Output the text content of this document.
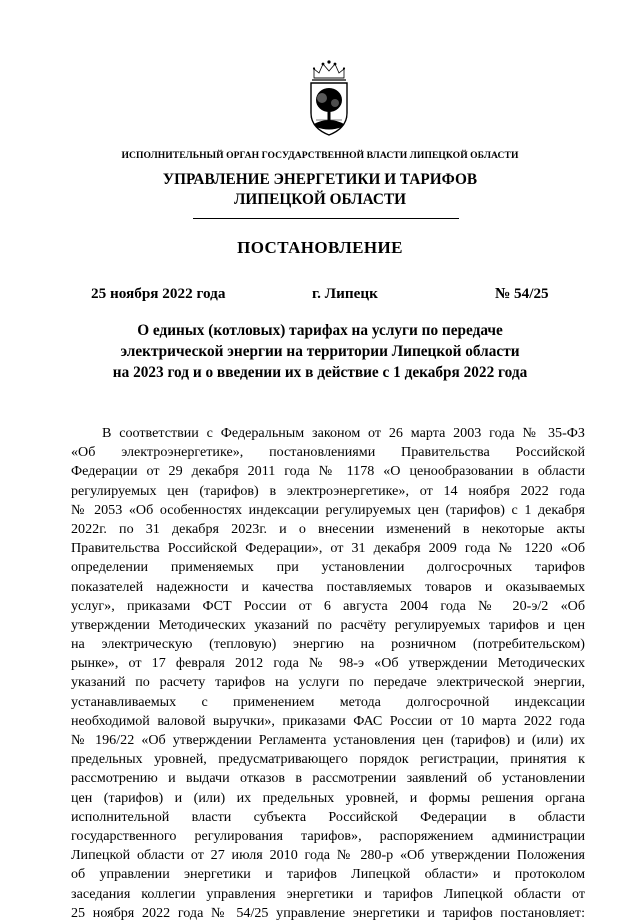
ИСПОЛНИТЕЛЬНЫЙ ОРГАН ГОСУДАРСТВЕННОЙ ВЛАСТИ ЛИПЕЦКОЙ ОБЛАСТИ
УПРАВЛЕНИЕ ЭНЕРГЕТИКИ И ТАРИФОВ
ЛИПЕЦКОЙ ОБЛАСТИ
ПОСТАНОВЛЕНИЕ
25 ноября 2022 года	г. Липецк	№ 54/25
О единых (котловых) тарифах на услуги по передаче
электрической энергии на территории Липецкой области
на 2023 год и о введении их в действие с 1 декабря 2022 года
В соответствии с Федеральным законом от 26 марта 2003 года № 35-ФЗ
«Об электроэнергетике», постановлениями Правительства Российской
Федерации от 29 декабря 2011 года № 1178 «О ценообразовании в области
регулируемых цен (тарифов) в электроэнергетике», от 14 ноября 2022 года
№ 2053 «Об особенностях индексации регулируемых цен (тарифов) с 1 декабря
2022г. по 31 декабря 2023г. и о внесении изменений в некоторые акты
Правительства Российской Федерации», от 31 декабря 2009 года № 1220 «Об
определении применяемых при установлении долгосрочных тарифов
показателей надежности и качества поставляемых товаров и оказываемых
услуг», приказами ФСТ России от 6 августа 2004 года № 20-э/2 «Об
утверждении Методических указаний по расчёту регулируемых тарифов и цен
на электрическую (тепловую) энергию на розничном (потребительском)
рынке», от 17 февраля 2012 года № 98-э «Об утверждении Методических
указаний по расчету тарифов на услуги по передаче электрической энергии,
устанавливаемых с применением метода долгосрочной индексации
необходимой валовой выручки», приказами ФАС России от 10 марта 2022 года
№ 196/22 «Об утверждении Регламента установления цен (тарифов) и (или) их
предельных уровней, предусматривающего порядок регистрации, принятия к
рассмотрению и выдачи отказов в рассмотрении заявлений об установлении
цен (тарифов) и (или) их предельных уровней, и формы решения органа
исполнительной власти субъекта Российской Федерации в области
государственного регулирования тарифов», распоряжением администрации
Липецкой области от 27 июля 2010 года № 280-р «Об утверждении Положения
об управлении энергетики и тарифов Липецкой области» и протоколом
заседания коллегии управления энергетики и тарифов Липецкой области от
25 ноября 2022 года № 54/25 управление энергетики и тарифов постановляет:
